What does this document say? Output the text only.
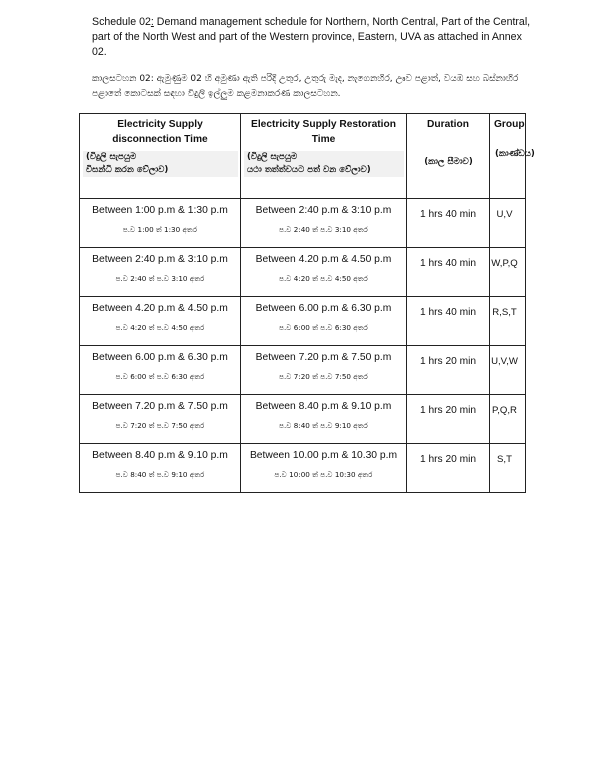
Schedule 02: Demand management schedule for Northern, North Central, Part of the Central, part of the North West and part of the Western province, Eastern, UVA as attached in Annex 02.
කාලසටහන 02: ඇමුණුම 02 හි අමුණා ඇති පරිදි උතුර, උතුරු මැද, නැගෙනහිර, ඌව පළාත්, වයඹ සහ බස්නාහිර පළාතේ කොටසක් සඳහා විදුලි ඉල්ලුම කළමනාකරණ කාලසටහන.
Electricity Supply disconnection Time
(විදුලි සැපයුම
විසන්ධි කරන වේලාව)	Electricity Supply Restoration Time
(විදුලි සැපයුම
යථා තත්ත්වයට පත් වන වේලාව)	Duration
(කාල සීමාව)	Group
(කාණ්ඩය)

Between 1:00 p.m & 1:30 p.m
ප.ව 1:00 ත් 1:30 අතර	Between 2:40 p.m & 3:10 p.m
ප.ව 2:40 ත් ප.ව 3:10 අතර	1 hrs 40 min	U,V

Between 2:40 p.m & 3:10 p.m
ප.ව 2:40 ත් ප.ව 3:10 අතර	Between 4.20 p.m & 4.50 p.m
ප.ව 4:20 ත් ප.ව 4:50 අතර	1 hrs 40 min	W,P,Q

Between 4.20 p.m & 4.50 p.m
ප.ව 4:20 ත් ප.ව 4:50 අතර	Between 6.00 p.m & 6.30 p.m
ප.ව 6:00 ත් ප.ව 6:30 අතර	1 hrs 40 min	R,S,T

Between 6.00 p.m & 6.30 p.m
ප.ව 6:00 ත් ප.ව 6:30 අතර	Between 7.20 p.m & 7.50 p.m
ප.ව 7:20 ත් ප.ව 7:50 අතර	1 hrs 20 min	U,V,W

Between 7.20 p.m & 7.50 p.m
ප.ව 7:20 ත් ප.ව 7:50 අතර	Between 8.40 p.m & 9.10 p.m
ප.ව 8:40 ත් ප.ව 9:10 අතර	1 hrs 20 min	P,Q,R

Between 8.40 p.m & 9.10 p.m
ප.ව 8:40 ත් ප.ව 9:10 අතර	Between 10.00 p.m & 10.30 p.m
ප.ව 10:00 ත් ප.ව 10:30 අතර	1 hrs 20 min	S,T
